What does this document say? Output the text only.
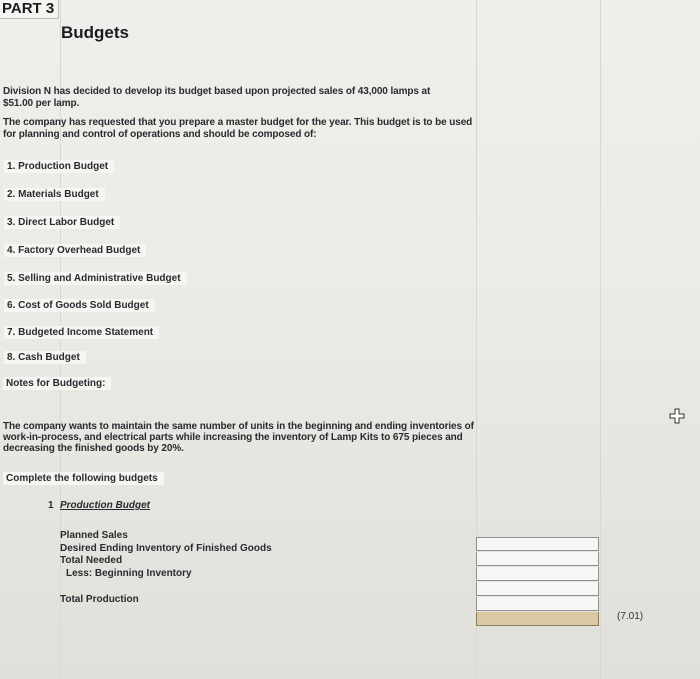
PART 3
Budgets
Division N has decided to develop its budget based upon projected sales of 43,000 lamps at
$51.00 per lamp.
The company has requested that you prepare a master budget for the year. This budget is to be used
for planning and control of operations and should be composed of:
1. Production Budget
2. Materials Budget
3. Direct Labor Budget
4. Factory Overhead Budget
5. Selling and Administrative Budget
6. Cost of Goods Sold Budget
7. Budgeted Income Statement
8. Cash Budget
Notes for Budgeting:
The company wants to maintain the same number of units in the beginning and ending inventories of
work-in-process, and electrical parts while increasing the inventory of Lamp Kits to 675 pieces and
decreasing the finished goods by 20%.
Complete the following budgets
1 Production Budget
Planned Sales
Desired Ending Inventory of Finished Goods
Total Needed
Less: Beginning Inventory
Total Production
(7.01)
